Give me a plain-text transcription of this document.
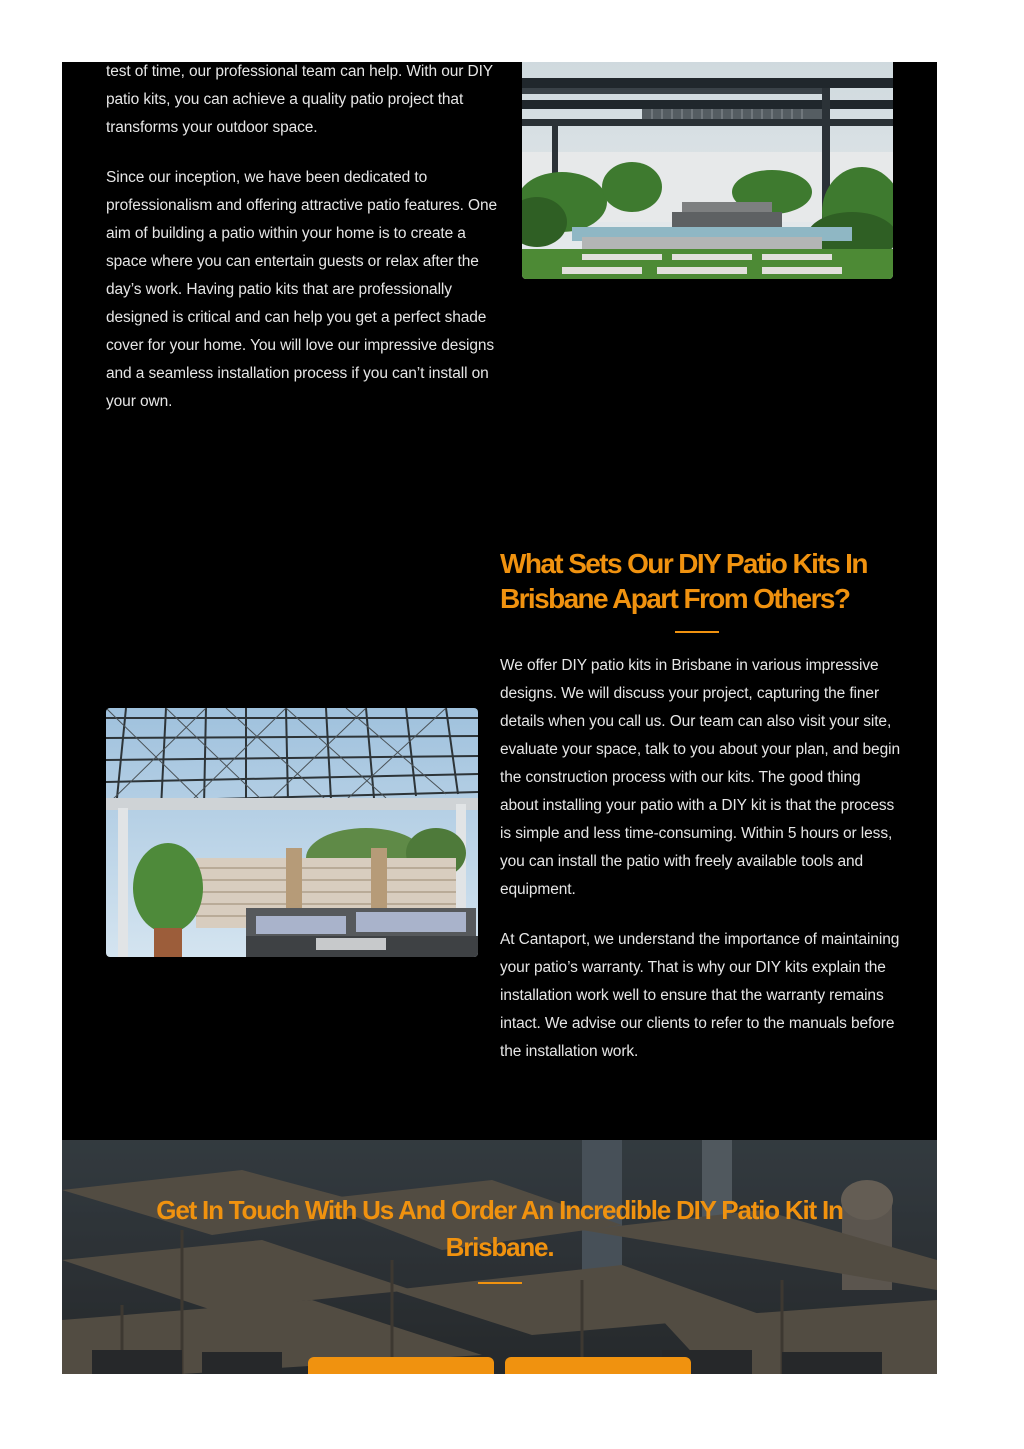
test of time, our professional team can help. With our DIY patio kits, you can achieve a quality patio project that transforms your outdoor space.

Since our inception, we have been dedicated to professionalism and offering attractive patio features. One aim of building a patio within your home is to create a space where you can entertain guests or relax after the day’s work. Having patio kits that are professionally designed is critical and can help you get a perfect shade cover for your home. You will love our impressive designs and a seamless installation process if you can’t install on your own.

What Sets Our DIY Patio Kits In Brisbane Apart From Others?

We offer DIY patio kits in Brisbane in various impressive designs. We will discuss your project, capturing the finer details when you call us. Our team can also visit your site, evaluate your space, talk to you about your plan, and begin the construction process with our kits. The good thing about installing your patio with a DIY kit is that the process is simple and less time-consuming. Within 5 hours or less, you can install the patio with freely available tools and equipment.

At Cantaport, we understand the importance of maintaining your patio’s warranty. That is why our DIY kits explain the installation work well to ensure that the warranty remains intact. We advise our clients to refer to the manuals before the installation work.

Get In Touch With Us And Order An Incredible DIY Patio Kit In Brisbane.
